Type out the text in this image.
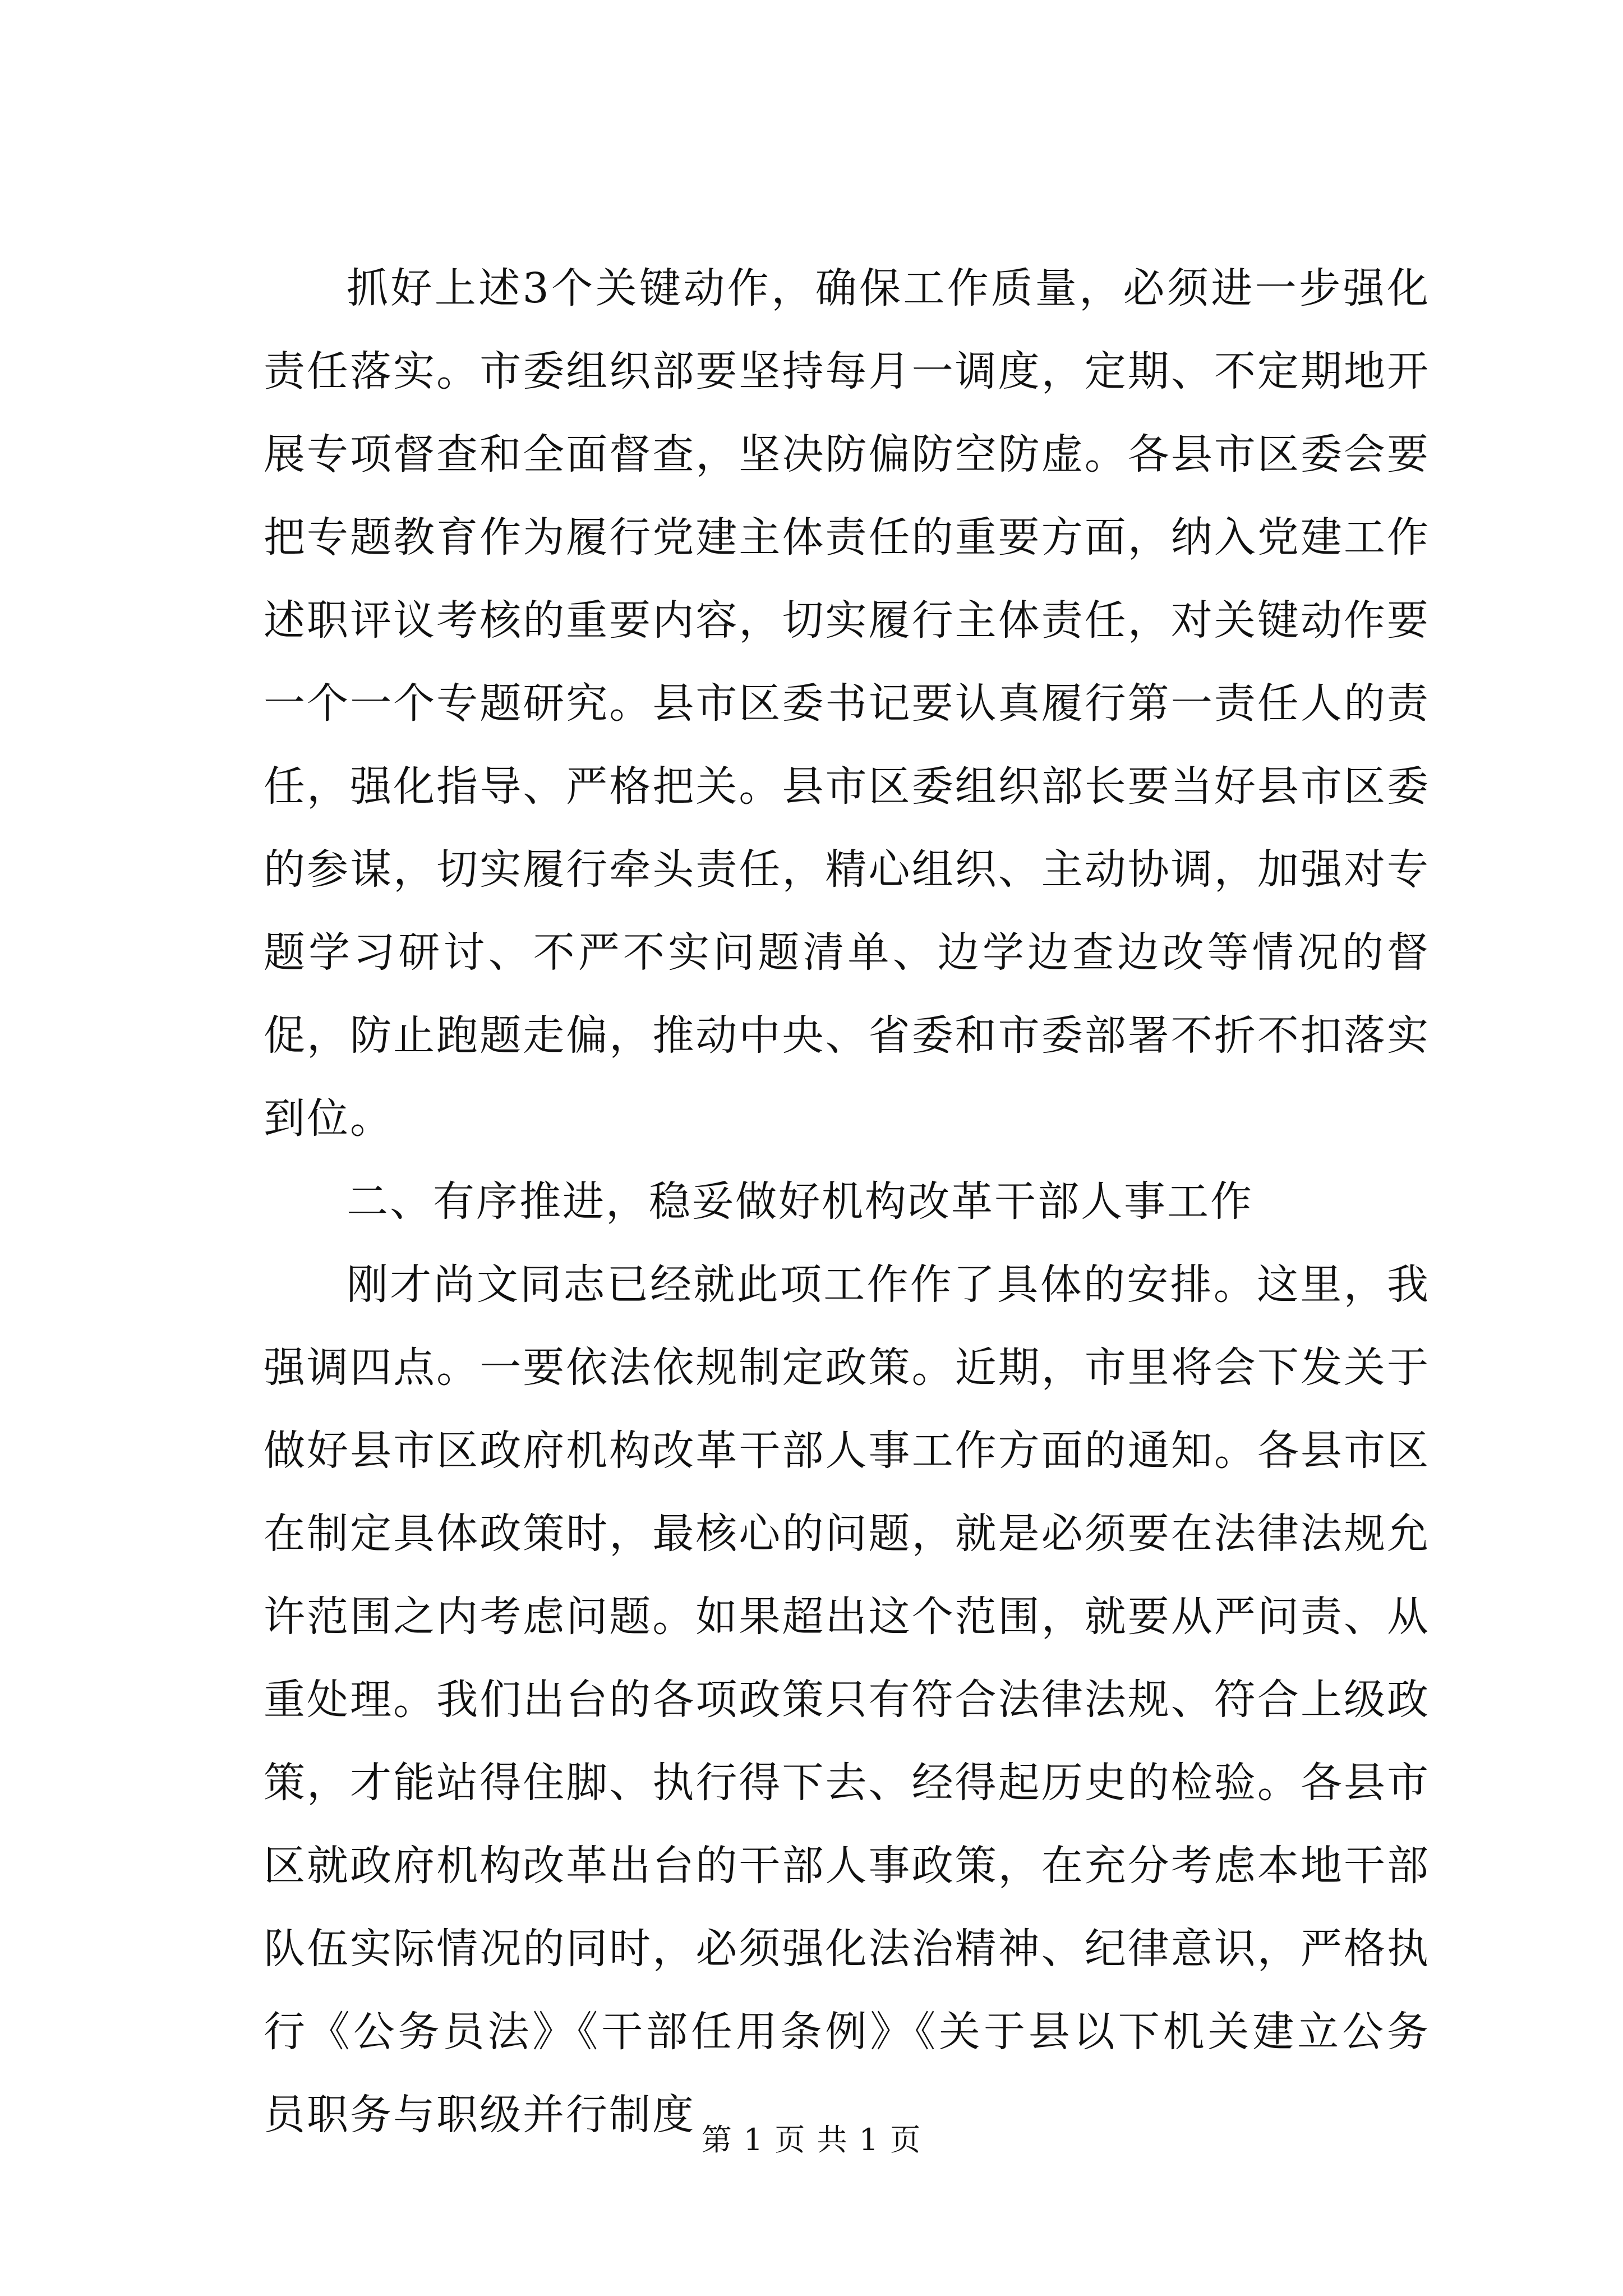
抓好上述3个关键动作，确保工作质量，必须进一步强化责任落实。市委组织部要坚持每月一调度，定期、不定期地开展专项督查和全面督查，坚决防偏防空防虚。各县市区委会要把专题教育作为履行党建主体责任的重要方面，纳入党建工作述职评议考核的重要内容，切实履行主体责任，对关键动作要一个一个专题研究。县市区委书记要认真履行第一责任人的责任，强化指导、严格把关。县市区委组织部长要当好县市区委的参谋，切实履行牵头责任，精心组织、主动协调，加强对专题学习研讨、不严不实问题清单、边学边查边改等情况的督促，防止跑题走偏，推动中央、省委和市委部署不折不扣落实到位。

二、有序推进，稳妥做好机构改革干部人事工作

刚才尚文同志已经就此项工作作了具体的安排。这里，我强调四点。一要依法依规制定政策。近期，市里将会下发关于做好县市区政府机构改革干部人事工作方面的通知。各县市区在制定具体政策时，最核心的问题，就是必须要在法律法规允许范围之内考虑问题。如果超出这个范围，就要从严问责、从重处理。我们出台的各项政策只有符合法律法规、符合上级政策，才能站得住脚、执行得下去、经得起历史的检验。各县市区就政府机构改革出台的干部人事政策，在充分考虑本地干部队伍实际情况的同时，必须强化法治精神、纪律意识，严格执行《公务员法》《干部任用条例》《关于县以下机关建立公务员职务与职级并行制度

第 1 页 共 1 页
